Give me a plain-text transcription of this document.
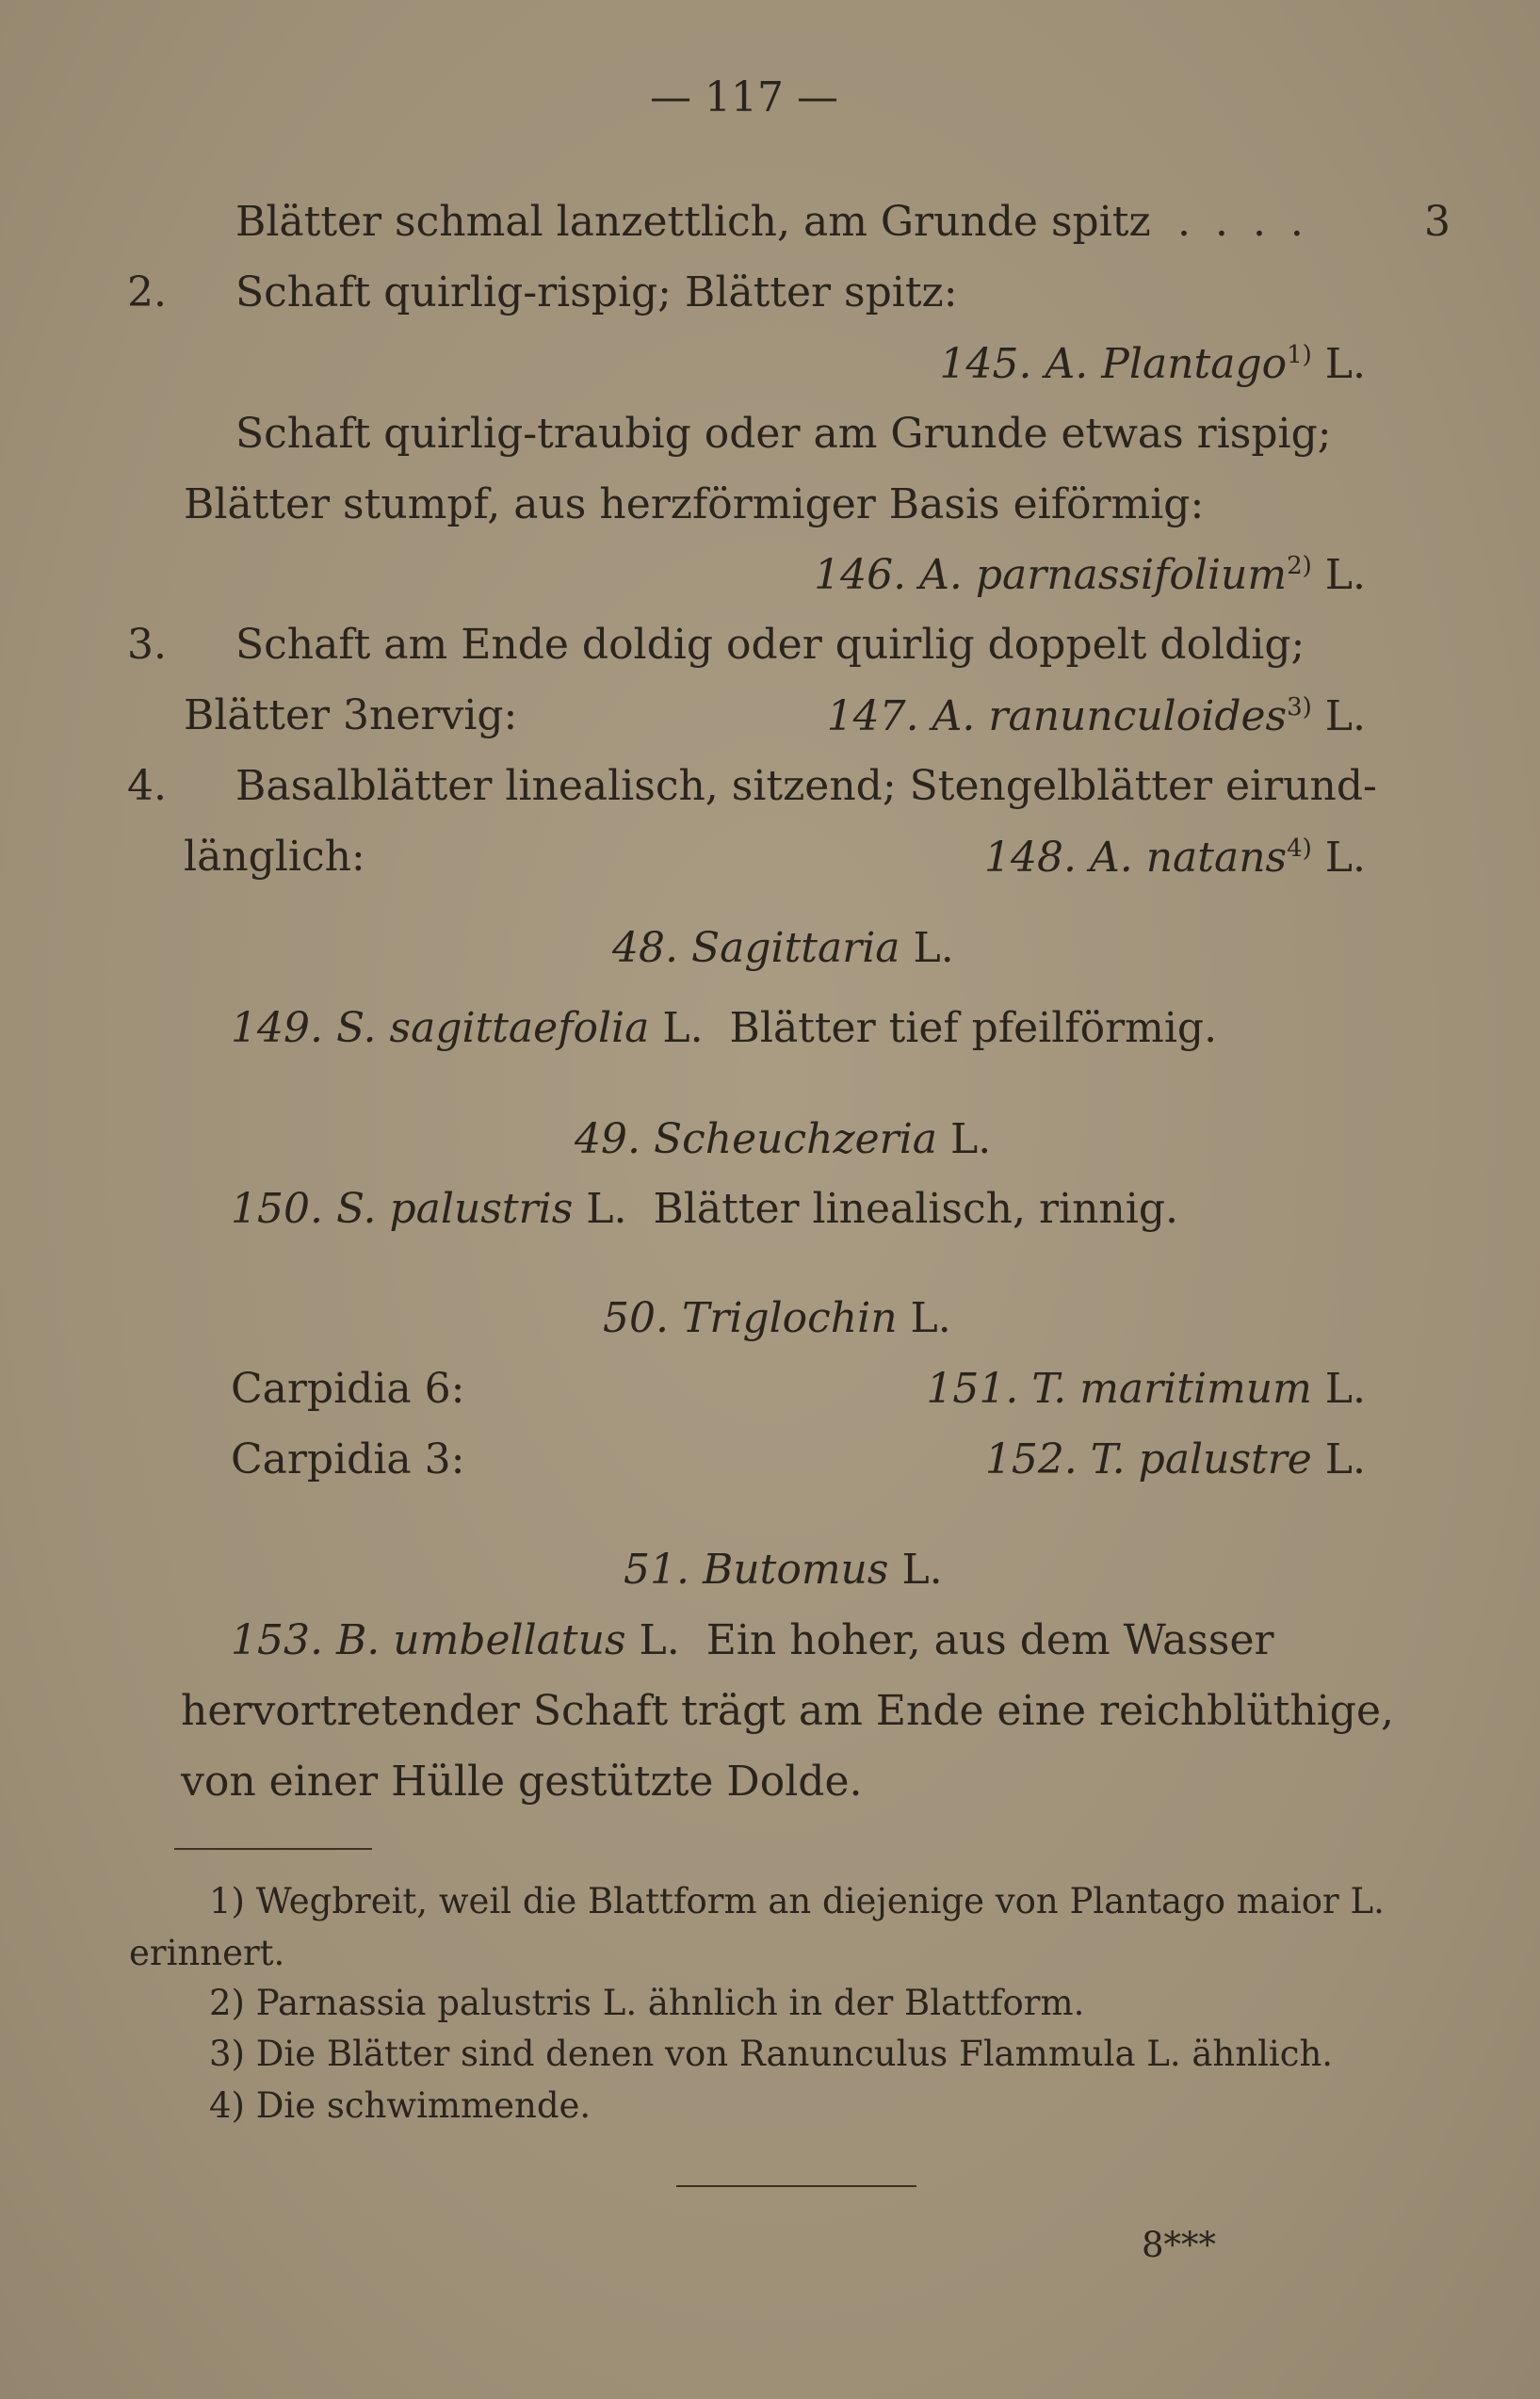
— 117 —
Blätter schmal lanzettlich, am Grunde spitz . . . .	3
2. Schaft quirlig-rispig; Blätter spitz:
145. A. Plantago$^{1)}$ L.
Schaft quirlig-traubig oder am Grunde etwas rispig;
Blätter stumpf, aus herzförmiger Basis eiförmig:
146. A. parnassifolium$^{2)}$ L.
3. Schaft am Ende doldig oder quirlig doppelt doldig;
Blätter 3nervig:	147. A. ranunculoides$^{3)}$ L.
4. Basalblätter linealisch, sitzend; Stengelblätter eirund-
länglich:	148. A. natans$^{4)}$ L.
48. Sagittaria L.
149. S. sagittaefolia L. Blätter tief pfeilförmig.
49. Scheuchzeria L.
150. S. palustris L. Blätter linealisch, rinnig.
50. Triglochin L.
Carpidia 6:	151. T. maritimum L.
Carpidia 3:	152. T. palustre L.
51. Butomus L.
153. B. umbellatus L. Ein hoher, aus dem Wasser
hervortretender Schaft trägt am Ende eine reichblüthige,
von einer Hülle gestützte Dolde.
1) Wegbreit, weil die Blattform an diejenige von Plantago maior L.
erinnert.
2) Parnassia palustris L. ähnlich in der Blattform.
3) Die Blätter sind denen von Ranunculus Flammula L. ähnlich.
4) Die schwimmende.
8***
